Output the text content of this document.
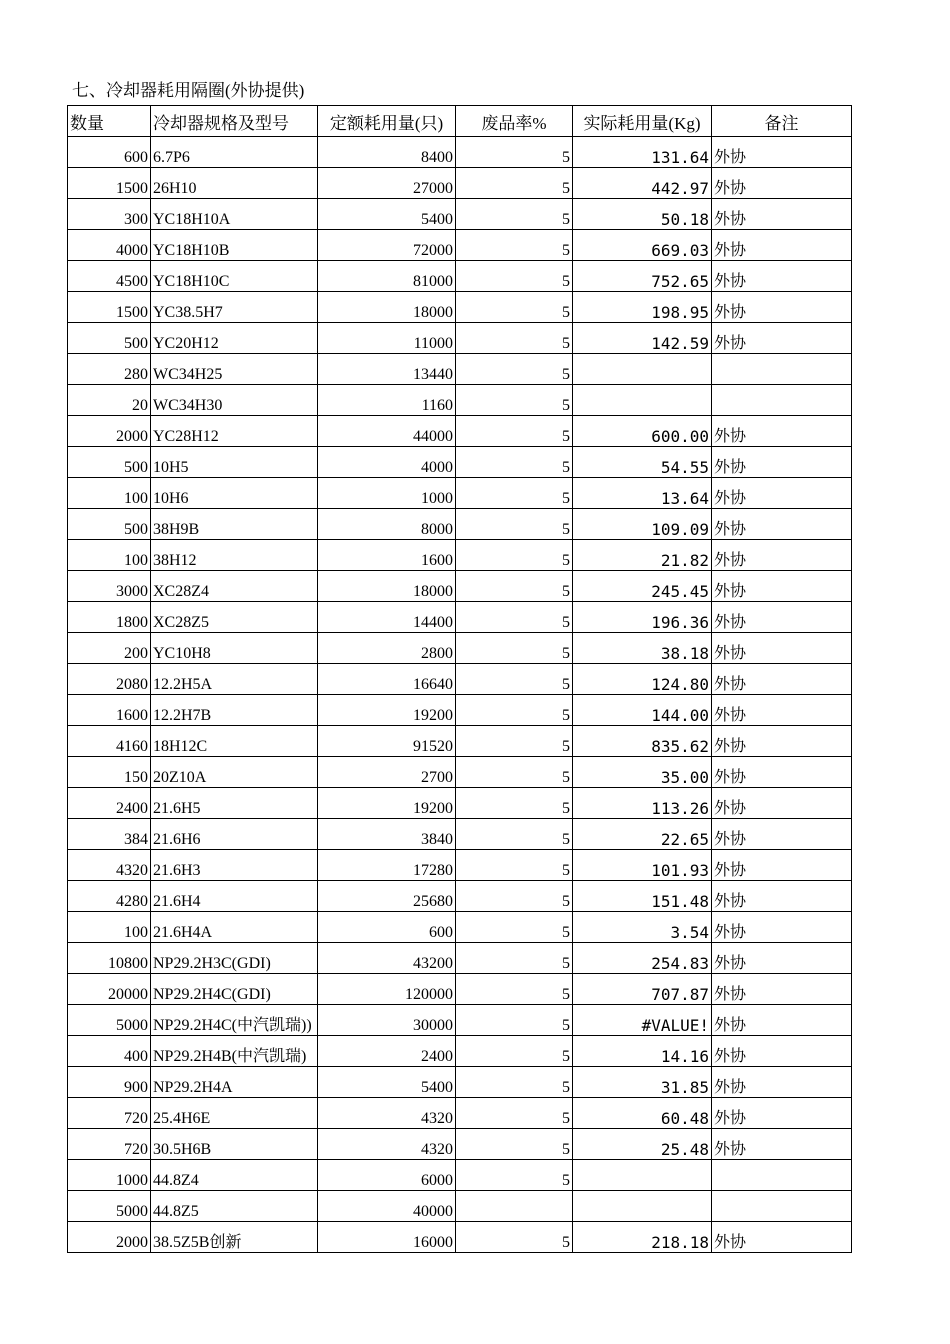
七、冷却器耗用隔圈(外协提供)
数量	冷却器规格及型号	定额耗用量(只)	废品率%	实际耗用量(Kg)	备注
600	6.7P6	8400	5	131.64	外协
1500	26H10	27000	5	442.97	外协
300	YC18H10A	5400	5	50.18	外协
4000	YC18H10B	72000	5	669.03	外协
4500	YC18H10C	81000	5	752.65	外协
1500	YC38.5H7	18000	5	198.95	外协
500	YC20H12	11000	5	142.59	外协
280	WC34H25	13440	5		
20	WC34H30	1160	5		
2000	YC28H12	44000	5	600.00	外协
500	10H5	4000	5	54.55	外协
100	10H6	1000	5	13.64	外协
500	38H9B	8000	5	109.09	外协
100	38H12	1600	5	21.82	外协
3000	XC28Z4	18000	5	245.45	外协
1800	XC28Z5	14400	5	196.36	外协
200	YC10H8	2800	5	38.18	外协
2080	12.2H5A	16640	5	124.80	外协
1600	12.2H7B	19200	5	144.00	外协
4160	18H12C	91520	5	835.62	外协
150	20Z10A	2700	5	35.00	外协
2400	21.6H5	19200	5	113.26	外协
384	21.6H6	3840	5	22.65	外协
4320	21.6H3	17280	5	101.93	外协
4280	21.6H4	25680	5	151.48	外协
100	21.6H4A	600	5	3.54	外协
10800	NP29.2H3C(GDI)	43200	5	254.83	外协
20000	NP29.2H4C(GDI)	120000	5	707.87	外协
5000	NP29.2H4C(中汽凯瑞))	30000	5	#VALUE!	外协
400	NP29.2H4B(中汽凯瑞)	2400	5	14.16	外协
900	NP29.2H4A	5400	5	31.85	外协
720	25.4H6E	4320	5	60.48	外协
720	30.5H6B	4320	5	25.48	外协
1000	44.8Z4	6000	5		
5000	44.8Z5	40000			
2000	38.5Z5B创新	16000	5	218.18	外协
